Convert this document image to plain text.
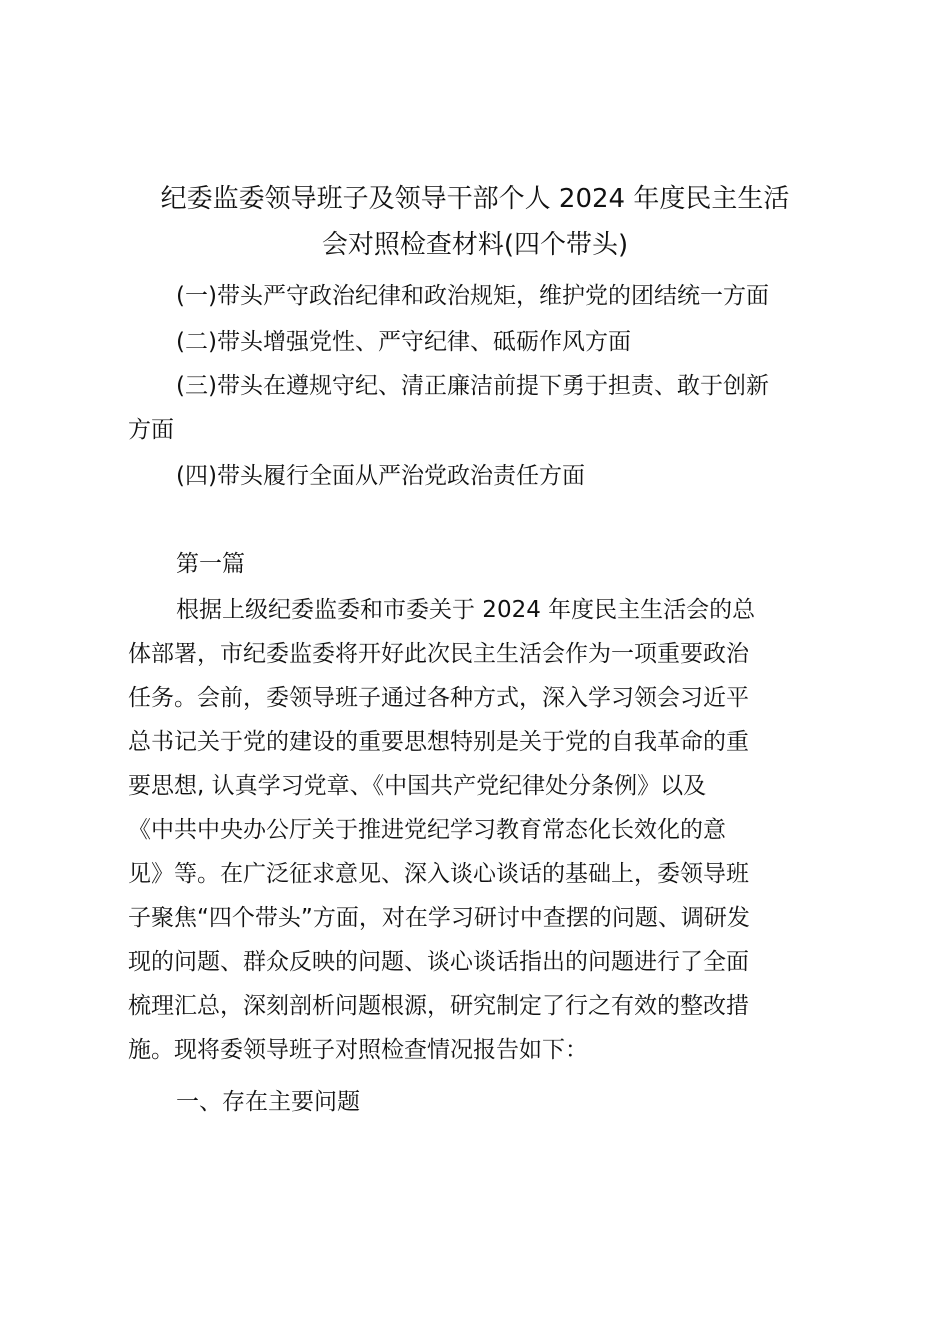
纪委监委领导班子及领导干部个人 2024 年度民主生活
会对照检查材料(四个带头)

(一)带头严守政治纪律和政治规矩，维护党的团结统一方面

(二)带头增强党性、严守纪律、砥砺作风方面

(三)带头在遵规守纪、清正廉洁前提下勇于担责、敢于创新
方面

(四)带头履行全面从严治党政治责任方面

第一篇

根据上级纪委监委和市委关于 2024 年度民主生活会的总
体部署，市纪委监委将开好此次民主生活会作为一项重要政治
任务。会前，委领导班子通过各种方式，深入学习领会习近平
总书记关于党的建设的重要思想特别是关于党的自我革命的重
要思想, 认真学习党章、《中国共产党纪律处分条例》以及
《中共中央办公厅关于推进党纪学习教育常态化长效化的意
见》等。在广泛征求意见、深入谈心谈话的基础上，委领导班
子聚焦“四个带头”方面，对在学习研讨中查摆的问题、调研发
现的问题、群众反映的问题、谈心谈话指出的问题进行了全面
梳理汇总，深刻剖析问题根源，研究制定了行之有效的整改措
施。现将委领导班子对照检查情况报告如下：

一、存在主要问题
